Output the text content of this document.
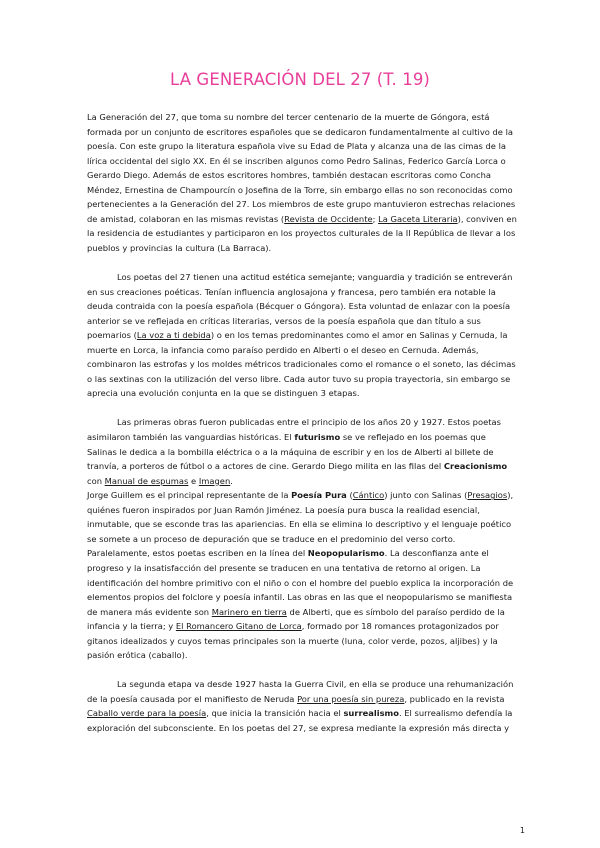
LA GENERACIÓN DEL 27 (T. 19)

La Generación del 27, que toma su nombre del tercer centenario de la muerte de Góngora, está formada por un conjunto de escritores españoles que se dedicaron fundamentalmente al cultivo de la poesía. Con este grupo la literatura española vive su Edad de Plata y alcanza una de las cimas de la lírica occidental del siglo XX. En él se inscriben algunos como Pedro Salinas, Federico García Lorca o Gerardo Diego. Además de estos escritores hombres, también destacan escritoras como Concha Méndez, Ernestina de Champourcín o Josefina de la Torre, sin embargo ellas no son reconocidas como pertenecientes a la Generación del 27. Los miembros de este grupo mantuvieron estrechas relaciones de amistad, colaboran en las mismas revistas (Revista de Occidente; La Gaceta Literaria), conviven en la residencia de estudiantes y participaron en los proyectos culturales de la II República de llevar a los pueblos y provincias la cultura (La Barraca).

Los poetas del 27 tienen una actitud estética semejante; vanguardia y tradición se entreverán en sus creaciones poéticas. Tenían influencia anglosajona y francesa, pero también era notable la deuda contraida con la poesía española (Bécquer o Góngora). Esta voluntad de enlazar con la poesía anterior se ve reflejada en críticas literarias, versos de la poesía española que dan título a sus poemarios (La voz a ti debida) o en los temas predominantes como el amor en Salinas y Cernuda, la muerte en Lorca, la infancia como paraíso perdido en Alberti o el deseo en Cernuda. Además, combinaron las estrofas y los moldes métricos tradicionales como el romance o el soneto, las décimas o las sextinas con la utilización del verso libre. Cada autor tuvo su propia trayectoria, sin embargo se aprecia una evolución conjunta en la que se distinguen 3 etapas.

Las primeras obras fueron publicadas entre el principio de los años 20 y 1927. Estos poetas asimilaron también las vanguardias históricas. El futurismo se ve reflejado en los poemas que Salinas le dedica a la bombilla eléctrica o a la máquina de escribir y en los de Alberti al billete de tranvía, a porteros de fútbol o a actores de cine. Gerardo Diego milita en las filas del Creacionismo con Manual de espumas e Imagen.

Jorge Guillem es el principal representante de la Poesía Pura (Cántico) junto con Salinas (Presagios), quiénes fueron inspirados por Juan Ramón Jiménez. La poesía pura busca la realidad esencial, inmutable, que se esconde tras las apariencias. En ella se elimina lo descriptivo y el lenguaje poético se somete a un proceso de depuración que se traduce en el predominio del verso corto. Paralelamente, estos poetas escriben en la línea del Neopopularismo. La desconfianza ante el progreso y la insatisfacción del presente se traducen en una tentativa de retorno al origen. La identificación del hombre primitivo con el niño o con el hombre del pueblo explica la incorporación de elementos propios del folclore y poesía infantil. Las obras en las que el neopopularismo se manifiesta de manera más evidente son Marinero en tierra de Alberti, que es símbolo del paraíso perdido de la infancia y la tierra; y El Romancero Gitano de Lorca, formado por 18 romances protagonizados por gitanos idealizados y cuyos temas principales son la muerte (luna, color verde, pozos, aljibes) y la pasión erótica (caballo).

La segunda etapa va desde 1927 hasta la Guerra Civil, en ella se produce una rehumanización de la poesía causada por el manifiesto de Neruda Por una poesía sin pureza, publicado en la revista Caballo verde para la poesía, que inicia la transición hacia el surrealismo. El surrealismo defendía la exploración del subconsciente. En los poetas del 27, se expresa mediante la expresión más directa y

1
